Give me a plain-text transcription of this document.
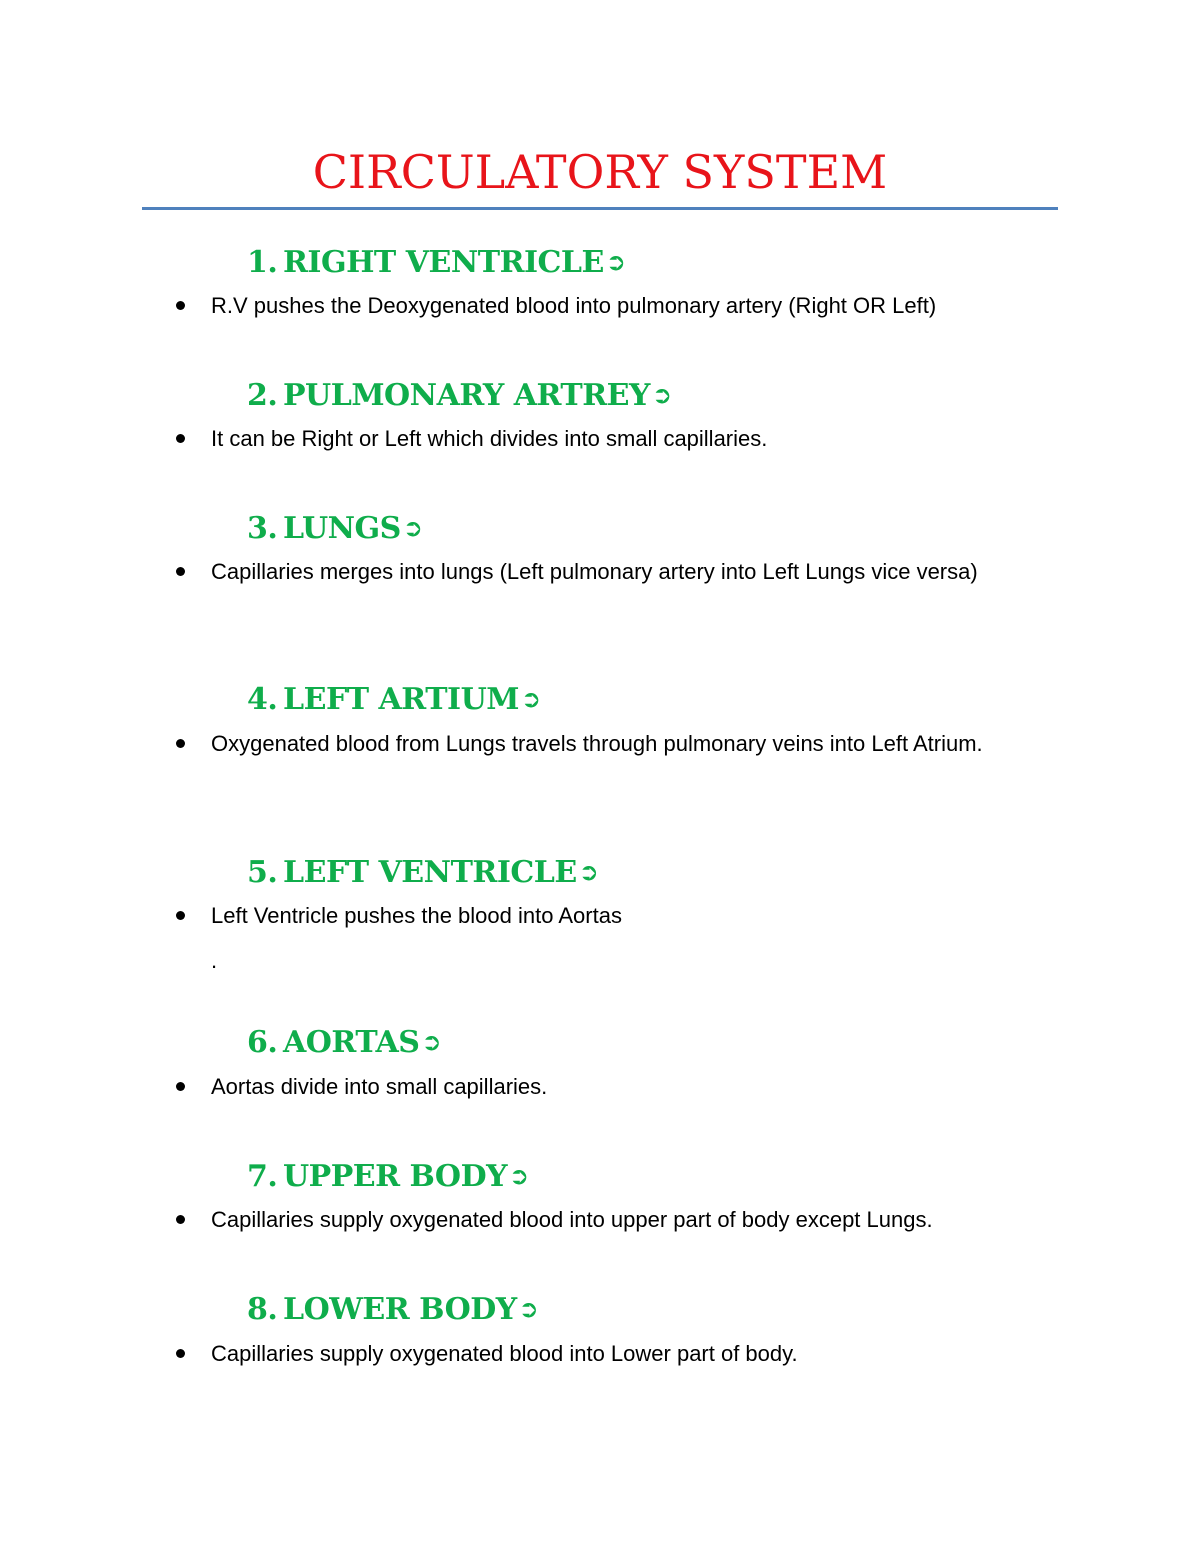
CIRCULATORY SYSTEM
1. RIGHT VENTRICLE➲
R.V pushes the Deoxygenated blood into pulmonary artery (Right OR Left)
2. PULMONARY ARTREY➲
It can be Right or Left which divides into small capillaries.
3. LUNGS➲
Capillaries merges into lungs (Left pulmonary artery into Left Lungs vice versa)
4. LEFT ARTIUM➲
Oxygenated blood from Lungs travels through pulmonary veins into Left Atrium.
5. LEFT VENTRICLE➲
Left Ventricle pushes the blood into Aortas
.
6. AORTAS➲
Aortas divide into small capillaries.
7. UPPER BODY➲
Capillaries supply oxygenated blood into upper part of body except Lungs.
8. LOWER BODY➲
Capillaries supply oxygenated blood into Lower part of body.
